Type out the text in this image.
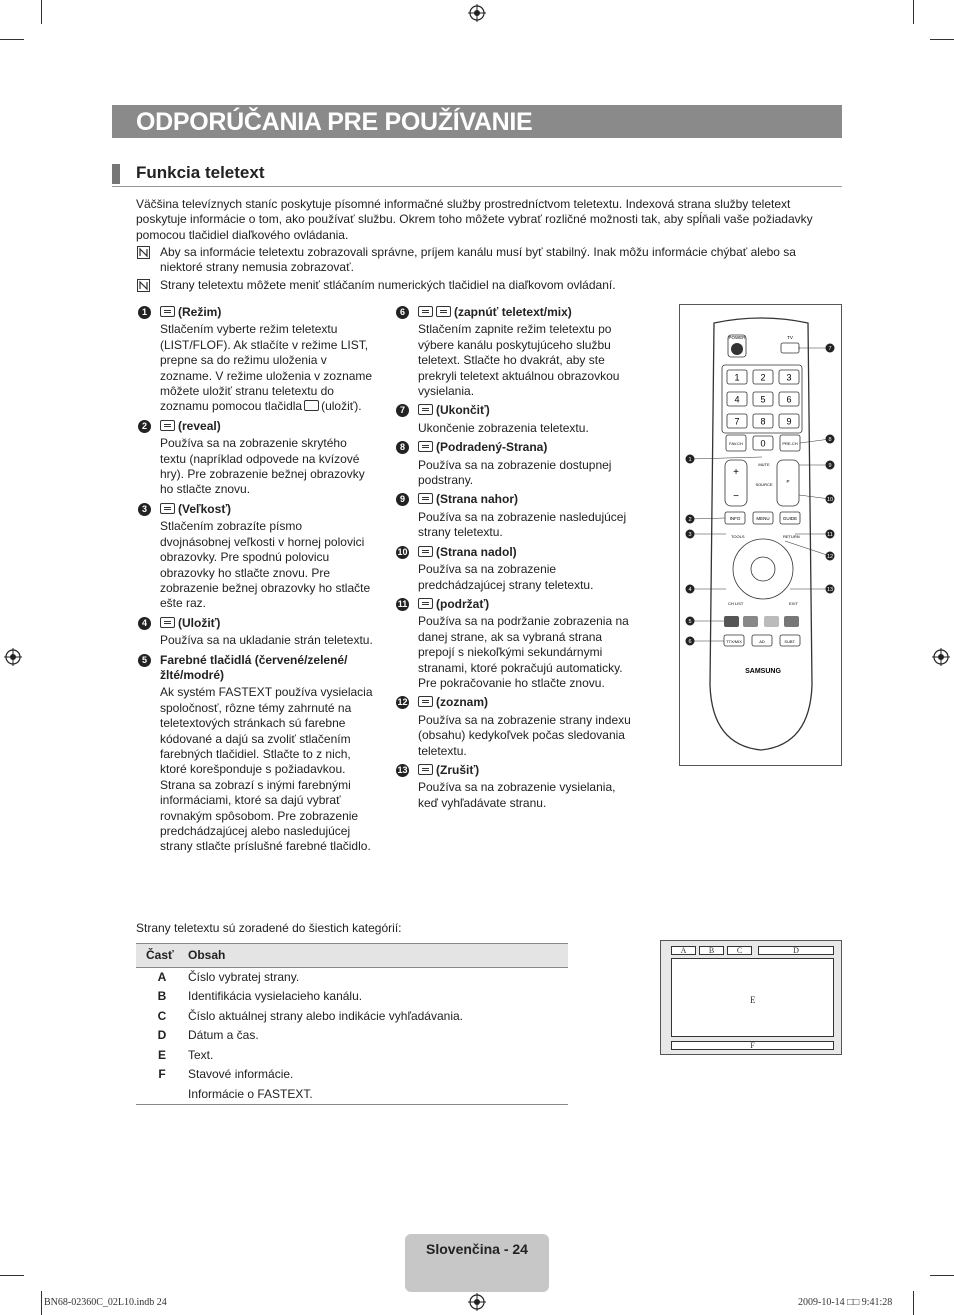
ODPORÚČANIA PRE POUŽÍVANIE
Funkcia teletext

Väčšina televíznych staníc poskytuje písomné informačné služby prostredníctvom teletextu. Indexová strana služby teletext poskytuje informácie o tom, ako používať službu. Okrem toho môžete vybrať rozličné možnosti tak, aby spĺňali vaše požiadavky pomocou tlačidiel diaľkového ovládania.

Aby sa informácie teletextu zobrazovali správne, príjem kanálu musí byť stabilný. Inak môžu informácie chýbať alebo sa niektoré strany nemusia zobrazovať.
Strany teletextu môžete meniť stláčaním numerických tlačidiel na diaľkovom ovládaní.
1	(Režim)
Stlačením vyberte režim teletextu (LIST/FLOF). Ak stlačíte v režime LIST, prepne sa do režimu uloženia v zozname. V režime uloženia v zozname môžete uložiť stranu teletextu do zoznamu pomocou tlačidla (uložiť).
2	(reveal)
Používa sa na zobrazenie skrytého textu (napríklad odpovede na kvízové hry). Pre zobrazenie bežnej obrazovky ho stlačte znovu.
3	(Veľkosť)
Stlačením zobrazíte písmo dvojnásobnej veľkosti v hornej polovici obrazovky. Pre spodnú polovicu obrazovky ho stlačte znovu. Pre zobrazenie bežnej obrazovky ho stlačte ešte raz.
4	(Uložiť)
Používa sa na ukladanie strán teletextu.
5	Farebné tlačidlá (červené/zelené/žlté/modré)
Ak systém FASTEXT používa vysielacia spoločnosť, rôzne témy zahrnuté na teletextových stránkach sú farebne kódované a dajú sa zvoliť stlačením farebných tlačidiel. Stlačte to z nich, ktoré korešponduje s požiadavkou. Strana sa zobrazí s inými farebnými informáciami, ktoré sa dajú vybrať rovnakým spôsobom. Pre zobrazenie predchádzajúcej alebo nasledujúcej strany stlačte príslušné farebné tlačidlo.
6	(zapnúť teletext/mix)
Stlačením zapnite režim teletextu po výbere kanálu poskytujúceho službu teletext. Stlačte ho dvakrát, aby ste prekryli teletext aktuálnou obrazovkou vysielania.
7	(Ukončiť)
Ukončenie zobrazenia teletextu.
8	(Podradený-Strana)
Používa sa na zobrazenie dostupnej podstrany.
9	(Strana nahor)
Používa sa na zobrazenie nasledujúcej strany teletextu.
10	(Strana nadol)
Používa sa na zobrazenie predchádzajúcej strany teletextu.
11	(podržať)
Používa sa na podržanie zobrazenia na danej strane, ak sa vybraná strana prepojí s niekoľkými sekundárnymi stranami, ktoré pokračujú automaticky. Pre pokračovanie ho stlačte znovu.
12	(zoznam)
Používa sa na zobrazenie strany indexu (obsahu) kedykoľvek počas sledovania teletextu.
13	(Zrušiť)
Používa sa na zobrazenie vysielania, keď vyhľadávate stranu.
POWER	TV
1 2 3
4 5 6
7 8 9
0
FAV.CH	PRE-CH
+
−
P
MUTE
SOURCE
INFO	MENU	GUIDE
TOOLS	RETURN
CH LIST	EXIT
TTX/MIX	AD	SUBT.
SAMSUNG
7
8
9
10
11
12
13
1
2
3
4
5
6

Strany teletextu sú zoradené do šiestich kategórií:

Časť	Obsah
A	Číslo vybratej strany.
B	Identifikácia vysielacieho kanálu.
C	Číslo aktuálnej strany alebo indikácie vyhľadávania.
D	Dátum a čas.
E	Text.
F	Stavové informácie.
	Informácie o FASTEXT.
A	B	C	D
E
F
Slovenčina - 24
BN68-02360C_02L10.indb 24	2009-10-14 □□ 9:41:28
